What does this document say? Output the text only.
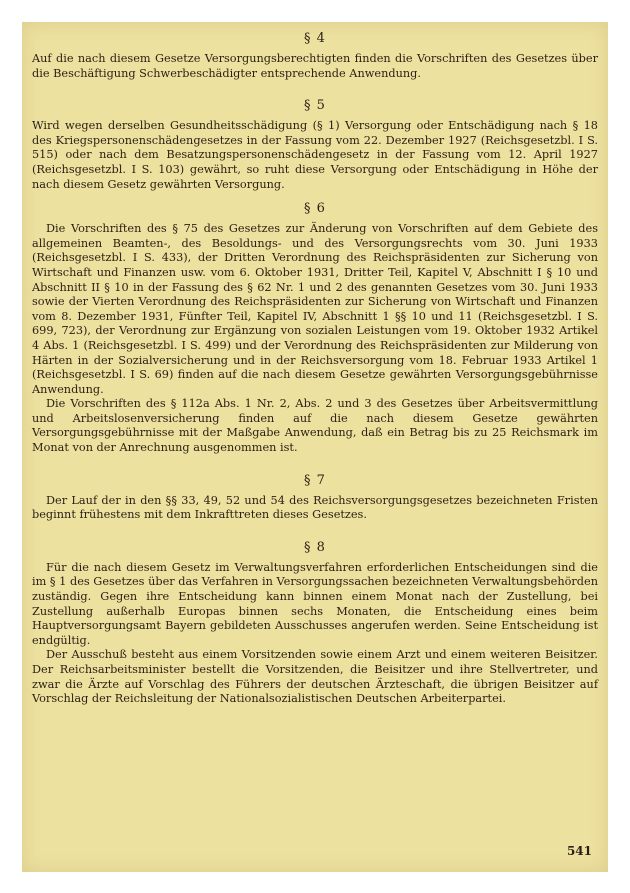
§ 4

Auf die nach diesem Gesetze Versorgungsberechtigten finden die Vorschriften des Gesetzes über die Beschäftigung Schwerbeschädigter entsprechende Anwendung.

§ 5

Wird wegen derselben Gesundheitsschädigung (§ 1) Versorgung oder Entschädigung nach § 18 des Kriegspersonenschädengesetzes in der Fassung vom 22. Dezember 1927 (Reichsgesetzbl. I S. 515) oder nach dem Besatzungspersonenschädengesetz in der Fassung vom 12. April 1927 (Reichsgesetzbl. I S. 103) gewährt, so ruht diese Versorgung oder Entschädigung in Höhe der nach diesem Gesetz gewährten Versorgung.

§ 6

Die Vorschriften des § 75 des Gesetzes zur Änderung von Vorschriften auf dem Gebiete des allgemeinen Beamten-, des Besoldungs- und des Versorgungsrechts vom 30. Juni 1933 (Reichsgesetzbl. I S. 433), der Dritten Verordnung des Reichspräsidenten zur Sicherung von Wirtschaft und Finanzen usw. vom 6. Oktober 1931, Dritter Teil, Kapitel V, Abschnitt I § 10 und Abschnitt II § 10 in der Fassung des § 62 Nr. 1 und 2 des genannten Gesetzes vom 30. Juni 1933 sowie der Vierten Verordnung des Reichspräsidenten zur Sicherung von Wirtschaft und Finanzen vom 8. Dezember 1931, Fünfter Teil, Kapitel IV, Abschnitt 1 §§ 10 und 11 (Reichsgesetzbl. I S. 699, 723), der Verordnung zur Ergänzung von sozialen Leistungen vom 19. Oktober 1932 Artikel 4 Abs. 1 (Reichsgesetzbl. I S. 499) und der Verordnung des Reichspräsidenten zur Milderung von Härten in der Sozialversicherung und in der Reichsversorgung vom 18. Februar 1933 Artikel 1 (Reichsgesetzbl. I S. 69) finden auf die nach diesem Gesetze gewährten Versorgungsgebührnisse Anwendung.

Die Vorschriften des § 112a Abs. 1 Nr. 2, Abs. 2 und 3 des Gesetzes über Arbeitsvermittlung und Arbeitslosenversicherung finden auf die nach diesem Gesetze gewährten Versorgungsgebührnisse mit der Maßgabe Anwendung, daß ein Betrag bis zu 25 Reichsmark im Monat von der Anrechnung ausgenommen ist.

§ 7

Der Lauf der in den §§ 33, 49, 52 und 54 des Reichsversorgungsgesetzes bezeichneten Fristen beginnt frühestens mit dem Inkrafttreten dieses Gesetzes.

§ 8

Für die nach diesem Gesetz im Verwaltungsverfahren erforderlichen Entscheidungen sind die im § 1 des Gesetzes über das Verfahren in Versorgungssachen bezeichneten Verwaltungsbehörden zuständig. Gegen ihre Entscheidung kann binnen einem Monat nach der Zustellung, bei Zustellung außerhalb Europas binnen sechs Monaten, die Entscheidung eines beim Hauptversorgungsamt Bayern gebildeten Ausschusses angerufen werden. Seine Entscheidung ist endgültig.

Der Ausschuß besteht aus einem Vorsitzenden sowie einem Arzt und einem weiteren Beisitzer. Der Reichsarbeitsminister bestellt die Vorsitzenden, die Beisitzer und ihre Stellvertreter, und zwar die Ärzte auf Vorschlag des Führers der deutschen Ärzteschaft, die übrigen Beisitzer auf Vorschlag der Reichsleitung der Nationalsozialistischen Deutschen Arbeiterpartei.

541
